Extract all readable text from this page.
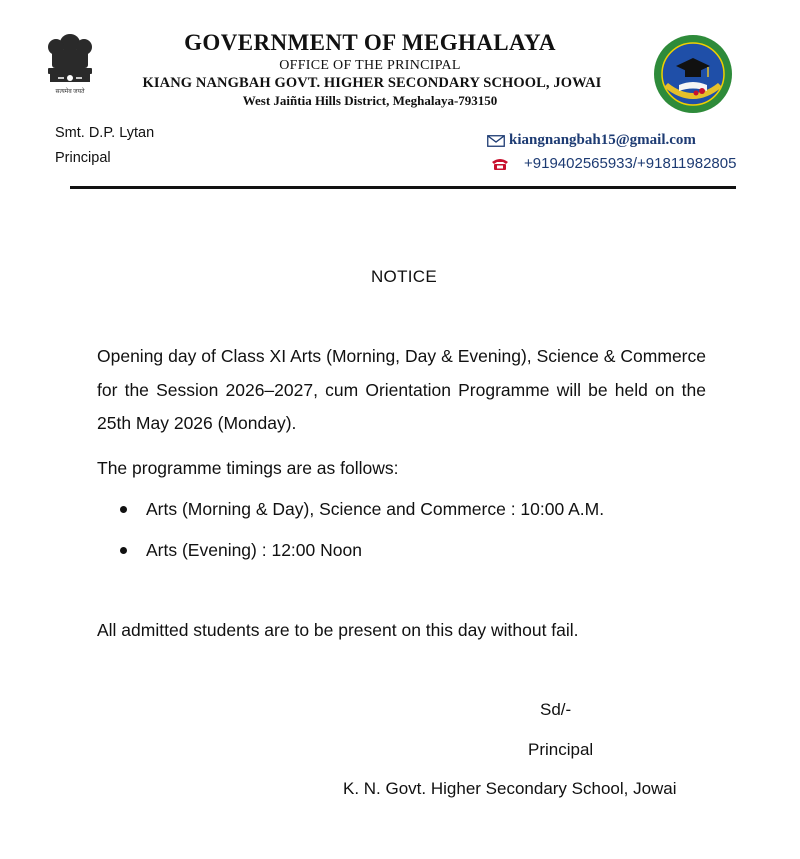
सत्यमेव जयते
GOVERNMENT OF MEGHALAYA
OFFICE OF THE PRINCIPAL
KIANG NANGBAH GOVT. HIGHER SECONDARY SCHOOL, JOWAI
West Jaiñtia Hills District, Meghalaya-793150
Smt. D.P. Lytan
Principal
kiangnangbah15@gmail.com
+919402565933/+91811982805
NOTICE
Opening day of Class XI Arts (Morning, Day & Evening), Science & Commerce for the Session 2026–2027, cum Orientation Programme will be held on the 25th May 2026 (Monday).
The programme timings are as follows:
Arts (Morning & Day), Science and Commerce : 10:00 A.M.
Arts (Evening) : 12:00 Noon
All admitted students are to be present on this day without fail.
Sd/-
Principal
K. N. Govt. Higher Secondary School, Jowai
